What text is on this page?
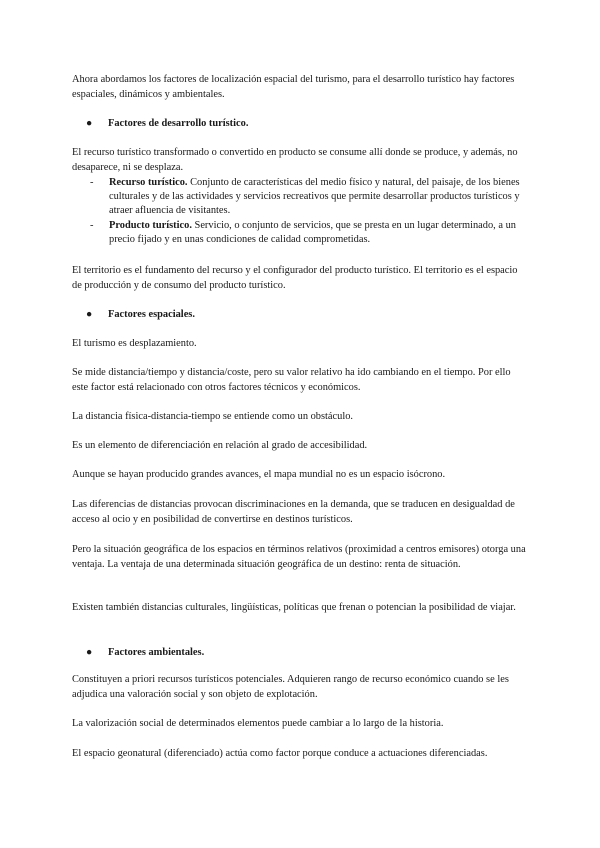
Ahora abordamos los factores de localización espacial del turismo, para el desarrollo turístico hay factores espaciales, dinámicos y ambientales.

● Factores de desarrollo turístico.

El recurso turístico transformado o convertido en producto se consume allí donde se produce, y además, no desaparece, ni se desplaza.

-	Recurso turístico. Conjunto de características del medio físico y natural, del paisaje, de los bienes culturales y de las actividades y servicios recreativos que permite desarrollar productos turísticos y atraer afluencia de visitantes.
-	Producto turístico. Servicio, o conjunto de servicios, que se presta en un lugar determinado, a un precio fijado y en unas condiciones de calidad comprometidas.

El territorio es el fundamento del recurso y el configurador del producto turístico. El territorio es el espacio de producción y de consumo del producto turístico.

● Factores espaciales.

El turismo es desplazamiento.

Se mide distancia/tiempo y distancia/coste, pero su valor relativo ha ido cambiando en el tiempo. Por ello este factor está relacionado con otros factores técnicos y económicos.

La distancia física-distancia-tiempo se entiende como un obstáculo.

Es un elemento de diferenciación en relación al grado de accesibilidad.

Aunque se hayan producido grandes avances, el mapa mundial no es un espacio isócrono.

Las diferencias de distancias provocan discriminaciones en la demanda, que se traducen en desigualdad de acceso al ocio y en posibilidad de convertirse en destinos turísticos.

Pero la situación geográfica de los espacios en términos relativos (proximidad a centros emisores) otorga una ventaja. La ventaja de una determinada situación geográfica de un destino: renta de situación.

Existen también distancias culturales, lingüísticas, políticas que frenan o potencian la posibilidad de viajar.

● Factores ambientales.

Constituyen a priori recursos turísticos potenciales. Adquieren rango de recurso económico cuando se les adjudica una valoración social y son objeto de explotación.

La valorización social de determinados elementos puede cambiar a lo largo de la historia.

El espacio geonatural (diferenciado) actúa como factor porque conduce a actuaciones diferenciadas.
